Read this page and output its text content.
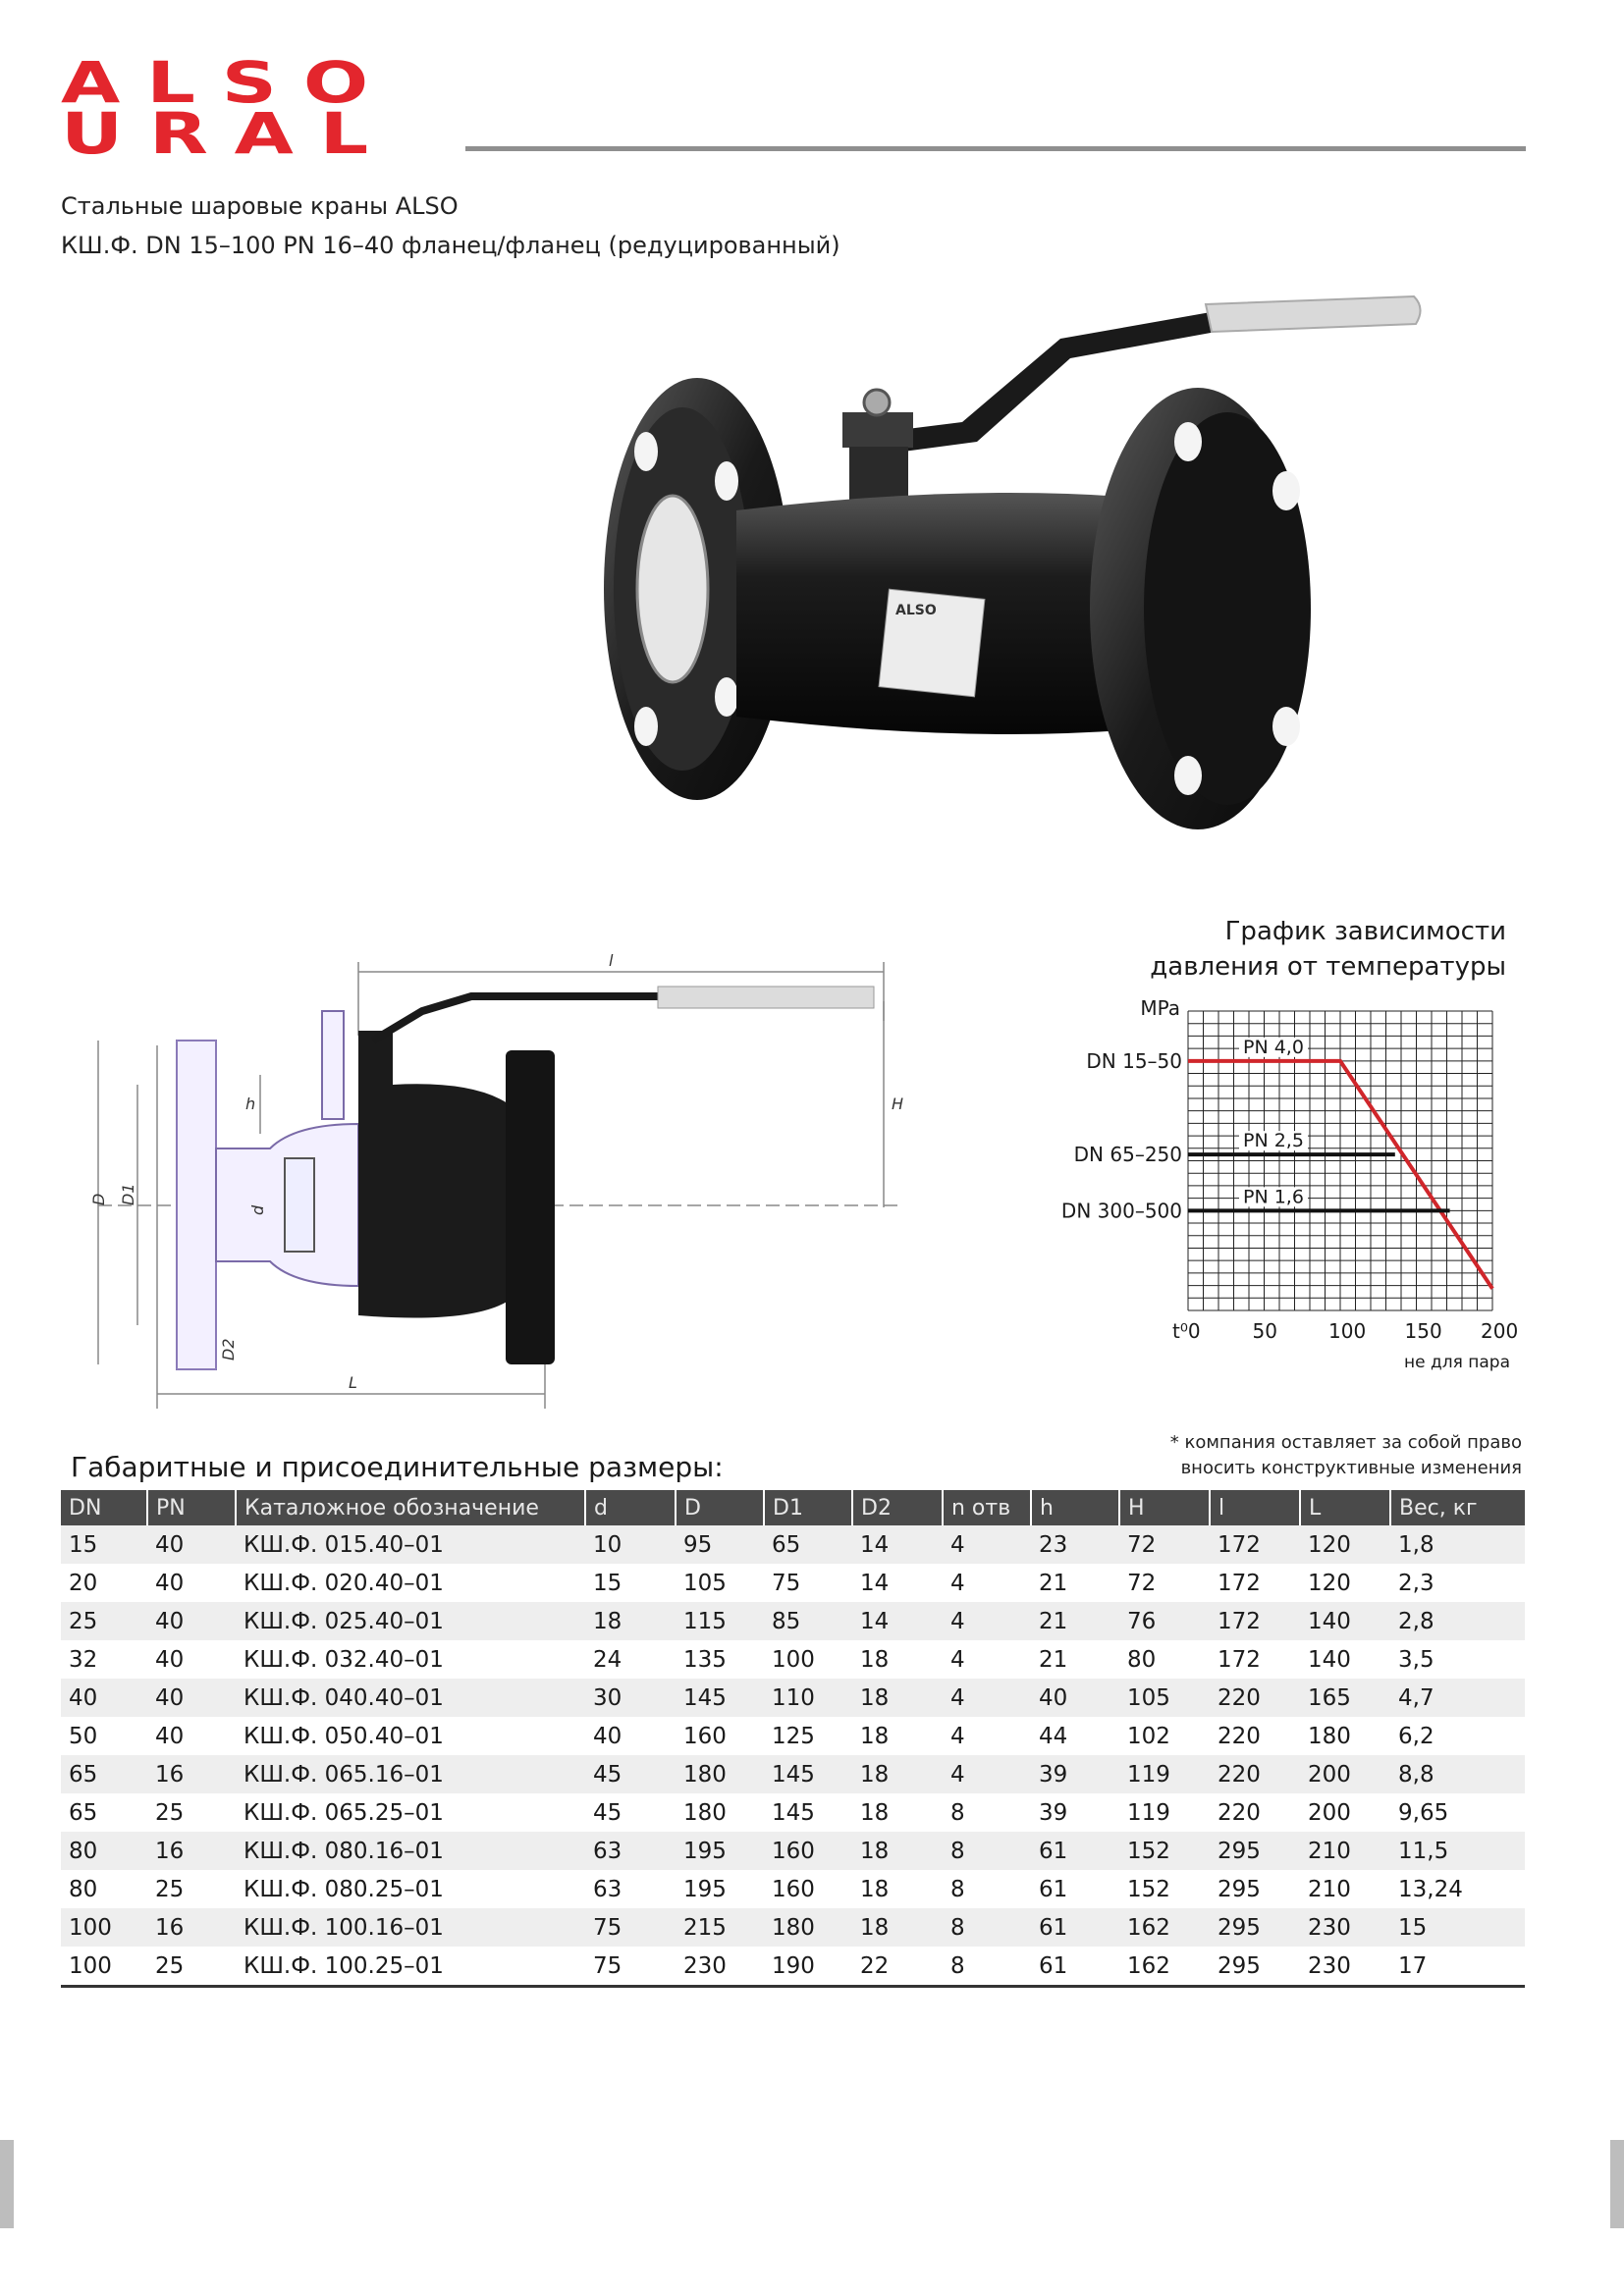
ALSO
URAL
Стальные шаровые краны ALSO
КШ.Ф. DN 15–100 PN 16–40 фланец/фланец (редуцированный)
ALSO
l
L
H
h
D D1
d
D2
График зависимости
давления от температуры
PN 4,0
DN 15–50
PN 2,5
DN 65–250
PN 1,6
DN 300–500
t⁰0	50	100 150 200
MPa
не для пара
* компания оставляет за собой право
вносить конструктивные изменения
Габаритные и присоединительные размеры:
DN	PN	Каталожное обозначение	d	D	D1	D2	n отв	h	H	l	L	Вес, кг
15	40	КШ.Ф. 015.40–01	10	95	65	14	4	23	72	172	120	1,8
20	40	КШ.Ф. 020.40–01	15	105	75	14	4	21	72	172	120	2,3
25	40	КШ.Ф. 025.40–01	18	115	85	14	4	21	76	172	140	2,8
32	40	КШ.Ф. 032.40–01	24	135	100	18	4	21	80	172	140	3,5
40	40	КШ.Ф. 040.40–01	30	145	110	18	4	40	105	220	165	4,7
50	40	КШ.Ф. 050.40–01	40	160	125	18	4	44	102	220	180	6,2
65	16	КШ.Ф. 065.16–01	45	180	145	18	4	39	119	220	200	8,8
65	25	КШ.Ф. 065.25–01	45	180	145	18	8	39	119	220	200	9,65
80	16	КШ.Ф. 080.16–01	63	195	160	18	8	61	152	295	210	11,5
80	25	КШ.Ф. 080.25–01	63	195	160	18	8	61	152	295	210	13,24
100	16	КШ.Ф. 100.16–01	75	215	180	18	8	61	162	295	230	15
100	25	КШ.Ф. 100.25–01	75	230	190	22	8	61	162	295	230	17
